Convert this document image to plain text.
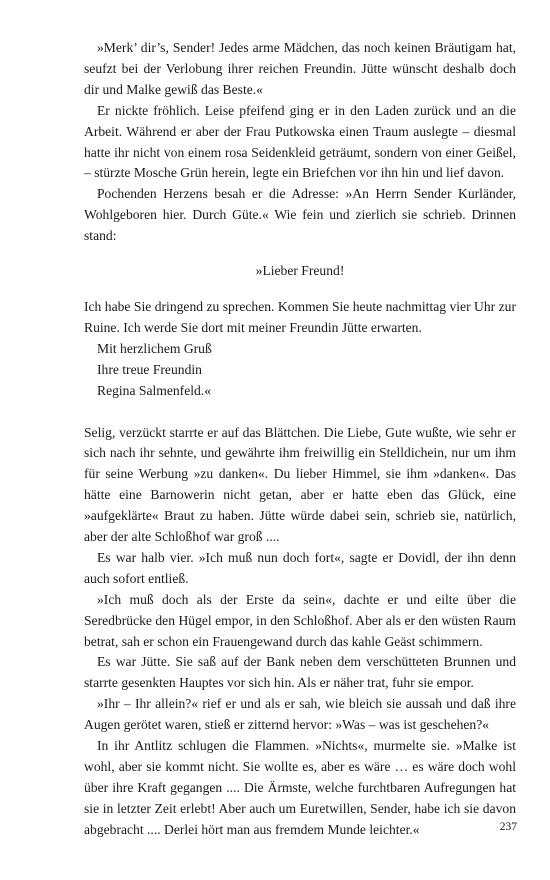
»Merk’ dir’s, Sender! Jedes arme Mädchen, das noch keinen Bräutigam hat, seufzt bei der Verlobung ihrer reichen Freundin. Jütte wünscht deshalb doch dir und Malke gewiß das Beste.«

Er nickte fröhlich. Leise pfeifend ging er in den Laden zurück und an die Arbeit. Während er aber der Frau Putkowska einen Traum auslegte – diesmal hatte ihr nicht von einem rosa Seidenkleid geträumt, sondern von einer Geißel, – stürzte Mosche Grün herein, legte ein Briefchen vor ihn hin und lief davon.

Pochenden Herzens besah er die Adresse: »An Herrn Sender Kurländer, Wohlgeboren hier. Durch Güte.« Wie fein und zierlich sie schrieb. Drinnen stand:

»Lieber Freund!

Ich habe Sie dringend zu sprechen. Kommen Sie heute nachmittag vier Uhr zur Ruine. Ich werde Sie dort mit meiner Freundin Jütte erwarten.

Mit herzlichem Gruß

Ihre treue Freundin

Regina Salmenfeld.«

Selig, verzückt starrte er auf das Blättchen. Die Liebe, Gute wußte, wie sehr er sich nach ihr sehnte, und gewährte ihm freiwillig ein Stelldichein, nur um ihm für seine Werbung »zu danken«. Du lieber Himmel, sie ihm »danken«. Das hätte eine Barnowerin nicht getan, aber er hatte eben das Glück, eine »aufgeklärte« Braut zu haben. Jütte würde dabei sein, schrieb sie, natürlich, aber der alte Schloßhof war groß ....

Es war halb vier. »Ich muß nun doch fort«, sagte er Dovidl, der ihn denn auch sofort entließ.

»Ich muß doch als der Erste da sein«, dachte er und eilte über die Seredbrücke den Hügel empor, in den Schloßhof. Aber als er den wüsten Raum betrat, sah er schon ein Frauengewand durch das kahle Geäst schimmern.

Es war Jütte. Sie saß auf der Bank neben dem verschütteten Brunnen und starrte gesenkten Hauptes vor sich hin. Als er näher trat, fuhr sie empor.

»Ihr – Ihr allein?« rief er und als er sah, wie bleich sie aussah und daß ihre Augen gerötet waren, stieß er zitternd hervor: »Was – was ist geschehen?«

In ihr Antlitz schlugen die Flammen. »Nichts«, murmelte sie. »Malke ist wohl, aber sie kommt nicht. Sie wollte es, aber es wäre … es wäre doch wohl über ihre Kraft gegangen .... Die Ärmste, welche furchtbaren Aufregungen hat sie in letzter Zeit erlebt! Aber auch um Euretwillen, Sender, habe ich sie davon abgebracht .... Derlei hört man aus fremdem Munde leichter.«	237
